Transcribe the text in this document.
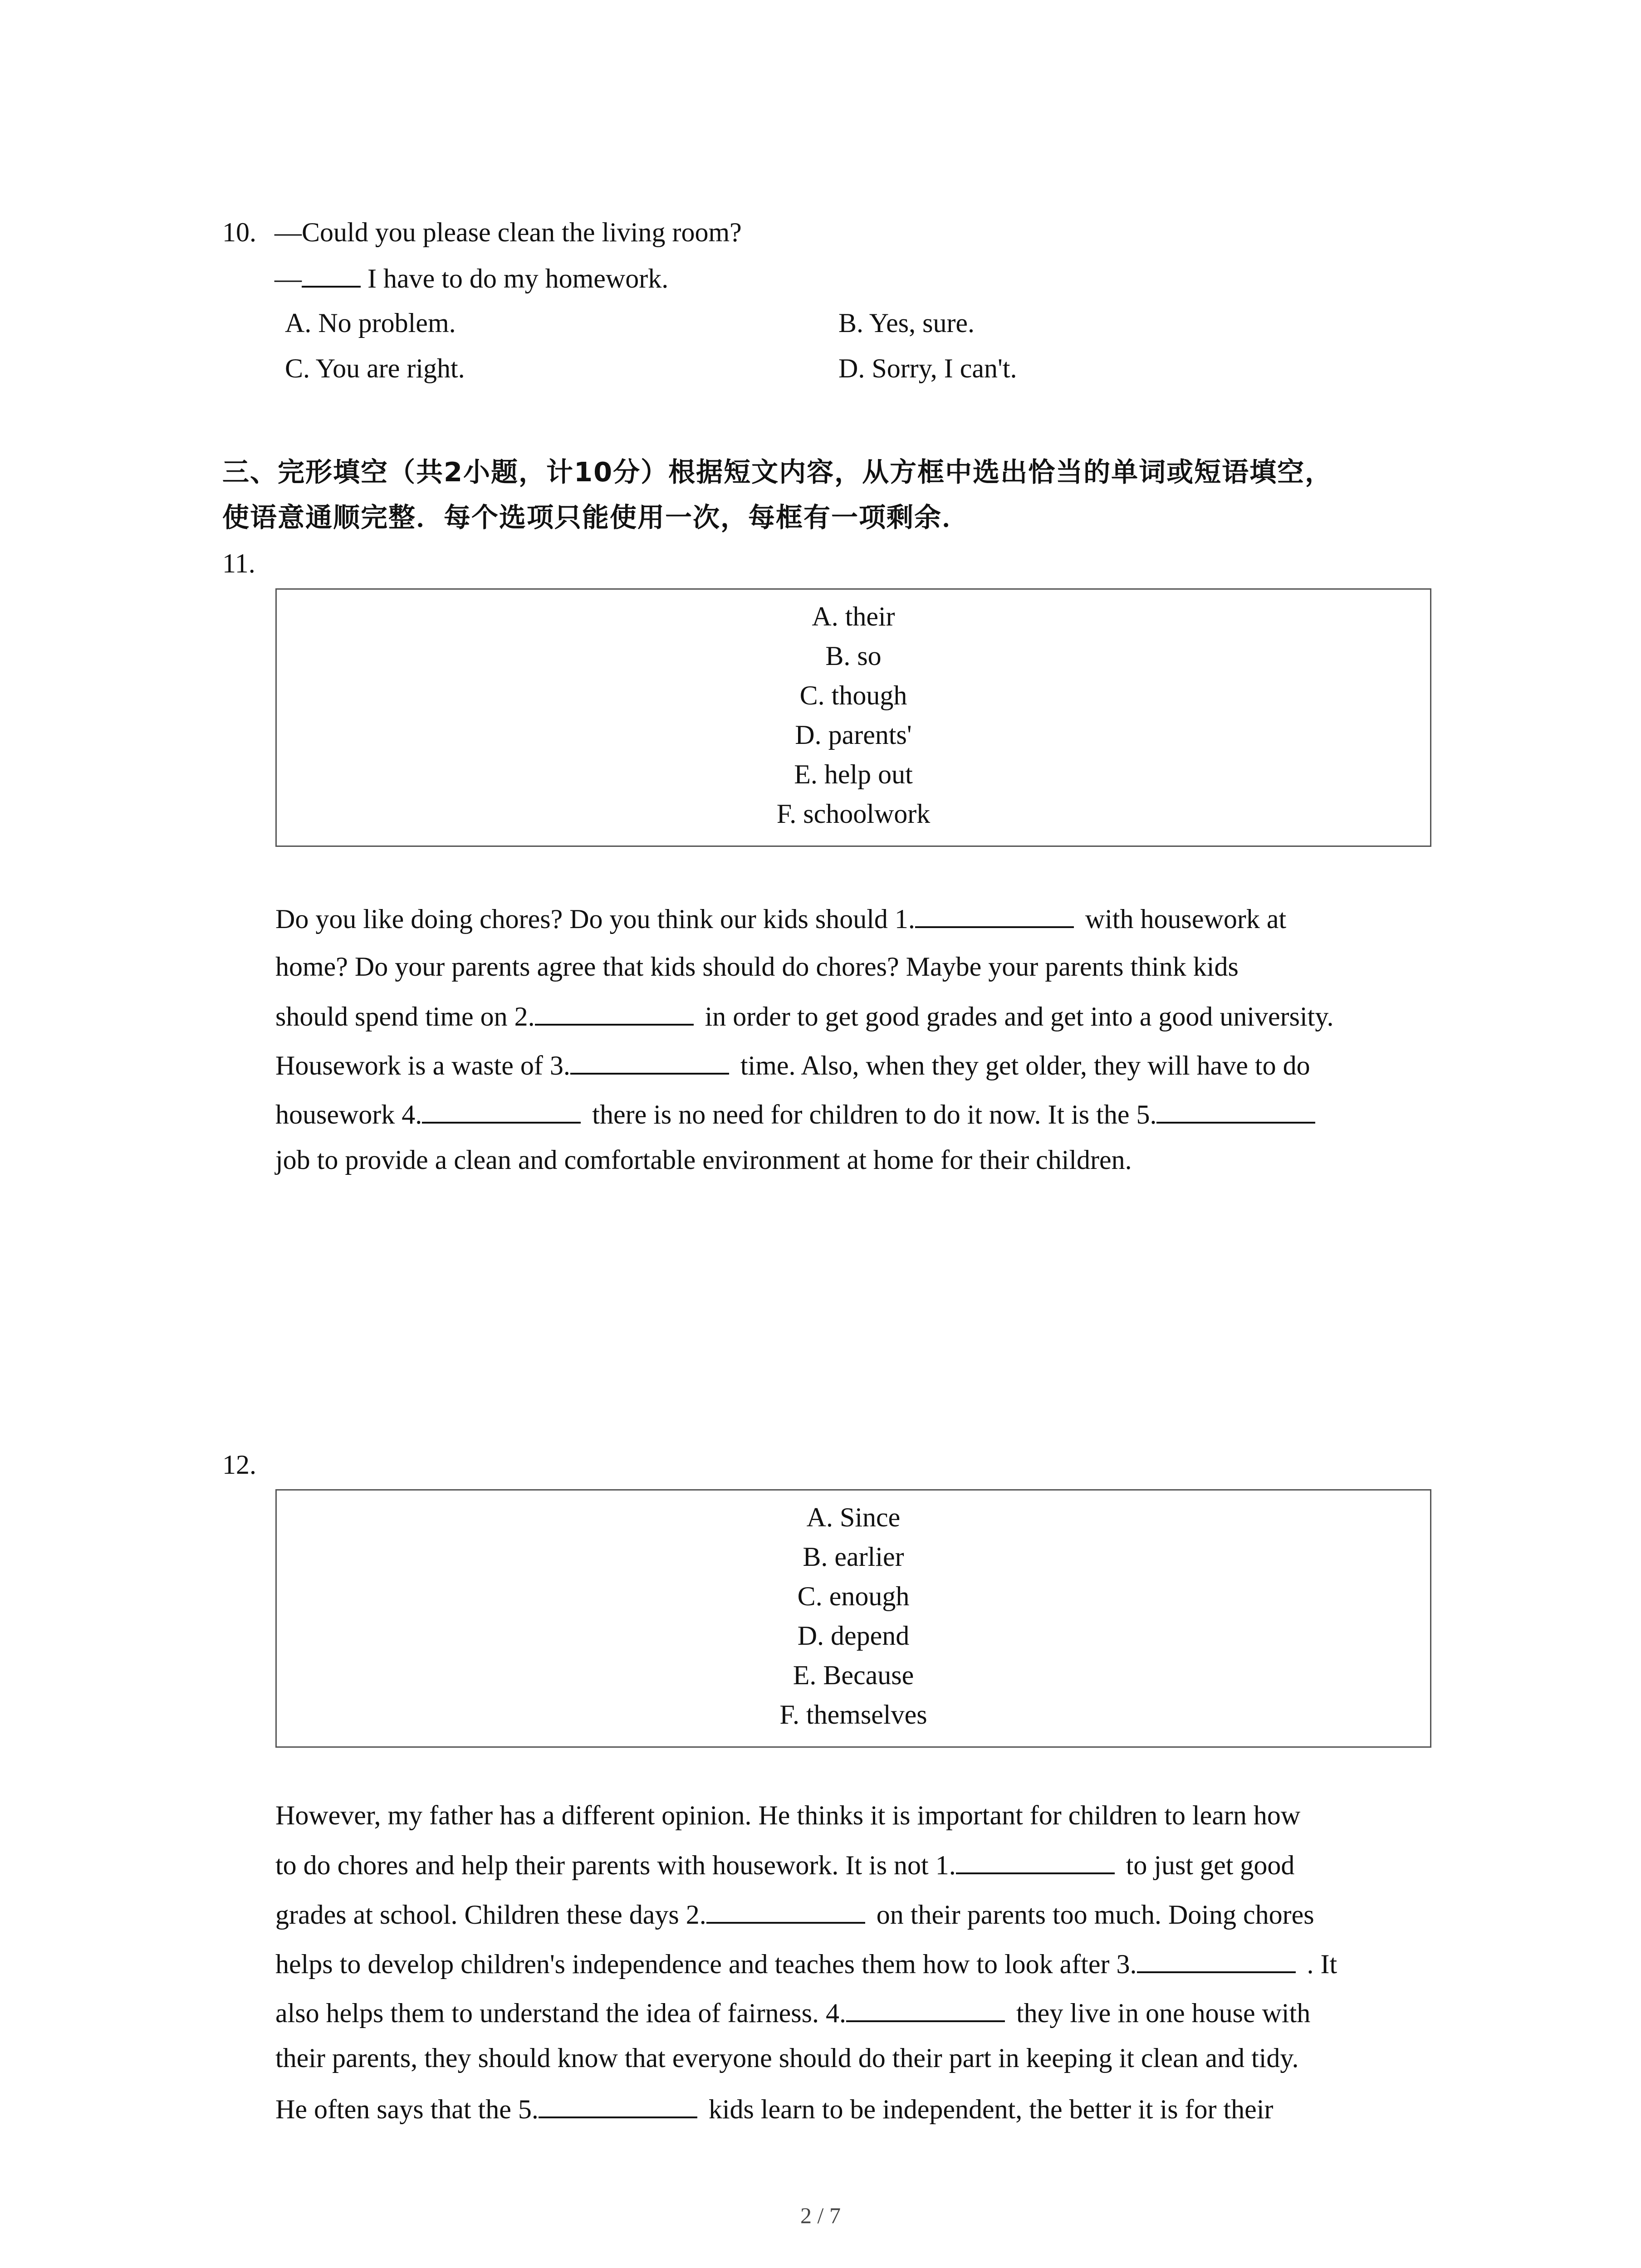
10. —Could you please clean the living room?
— I have to do my homework.
A. No problem.	B. Yes, sure.
C. You are right.	D. Sorry, I can't.
三、完形填空（共2小题，计10分）根据短文内容，从方框中选出恰当的单词或短语填空，
使语意通顺完整．每个选项只能使用一次，每框有一项剩余．
11.
A. their
B. so
C. though
D. parents'
E. help out
F. schoolwork
Do you like doing chores? Do you think our kids should 1.	with housework at
home? Do your parents agree that kids should do chores? Maybe your parents think kids
should spend time on 2.	in order to get good grades and get into a good university.
Housework is a waste of 3.	time. Also, when they get older, they will have to do
housework 4.	there is no need for children to do it now. It is the 5.
job to provide a clean and comfortable environment at home for their children.
12.
A. Since
B. earlier
C. enough
D. depend
E. Because
F. themselves
However, my father has a different opinion. He thinks it is important for children to learn how
to do chores and help their parents with housework. It is not 1.	to just get good
grades at school. Children these days 2.	on their parents too much. Doing chores
helps to develop children's independence and teaches them how to look after 3.	. It
also helps them to understand the idea of fairness. 4.	they live in one house with
their parents, they should know that everyone should do their part in keeping it clean and tidy.
He often says that the 5.	kids learn to be independent, the better it is for their
2 / 7
